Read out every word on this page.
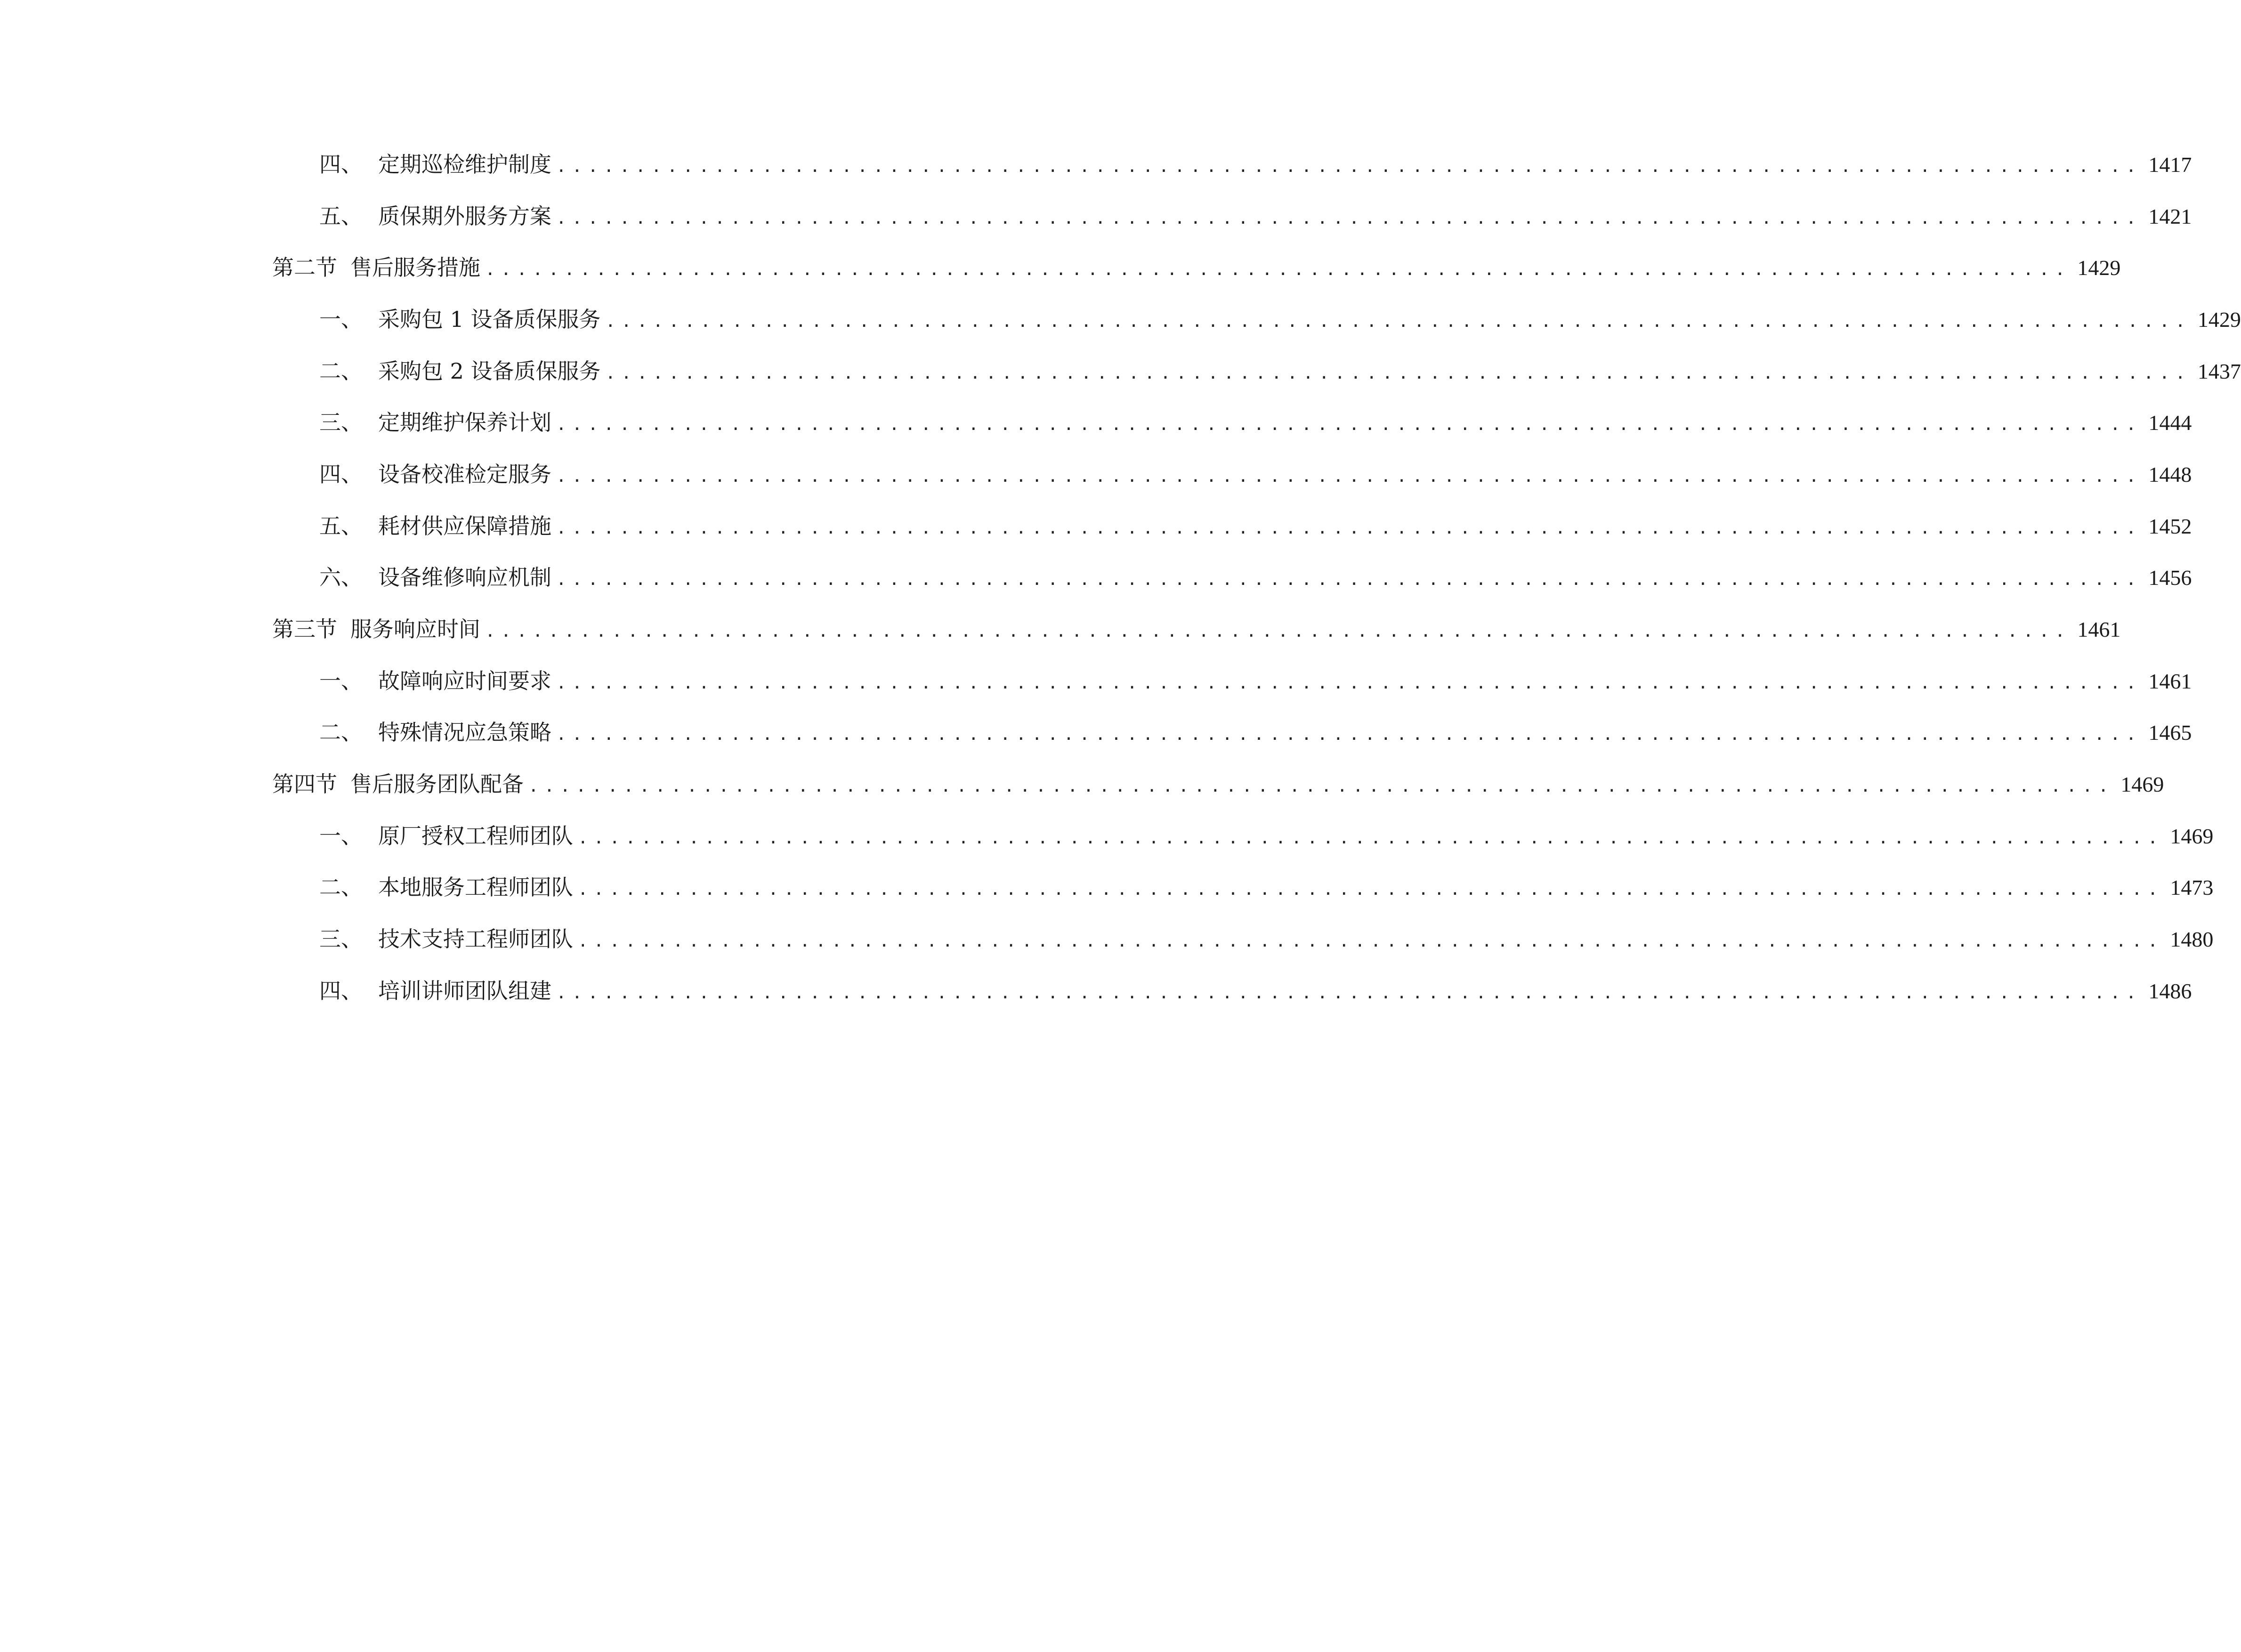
四、 定期巡检维护制度 .................................................................................................... 1417
五、 质保期外服务方案 .................................................................................................... 1421
第二节 售后服务措施 .................................................................................................... 1429
一、 采购包 1 设备质保服务 .................................................................................................... 1429
二、 采购包 2 设备质保服务 .................................................................................................... 1437
三、 定期维护保养计划 .................................................................................................... 1444
四、 设备校准检定服务 .................................................................................................... 1448
五、 耗材供应保障措施 .................................................................................................... 1452
六、 设备维修响应机制 .................................................................................................... 1456
第三节 服务响应时间 .................................................................................................... 1461
一、 故障响应时间要求 .................................................................................................... 1461
二、 特殊情况应急策略 .................................................................................................... 1465
第四节 售后服务团队配备 .................................................................................................... 1469
一、 原厂授权工程师团队 .................................................................................................... 1469
二、 本地服务工程师团队 .................................................................................................... 1473
三、 技术支持工程师团队 .................................................................................................... 1480
四、 培训讲师团队组建 .................................................................................................... 1486
